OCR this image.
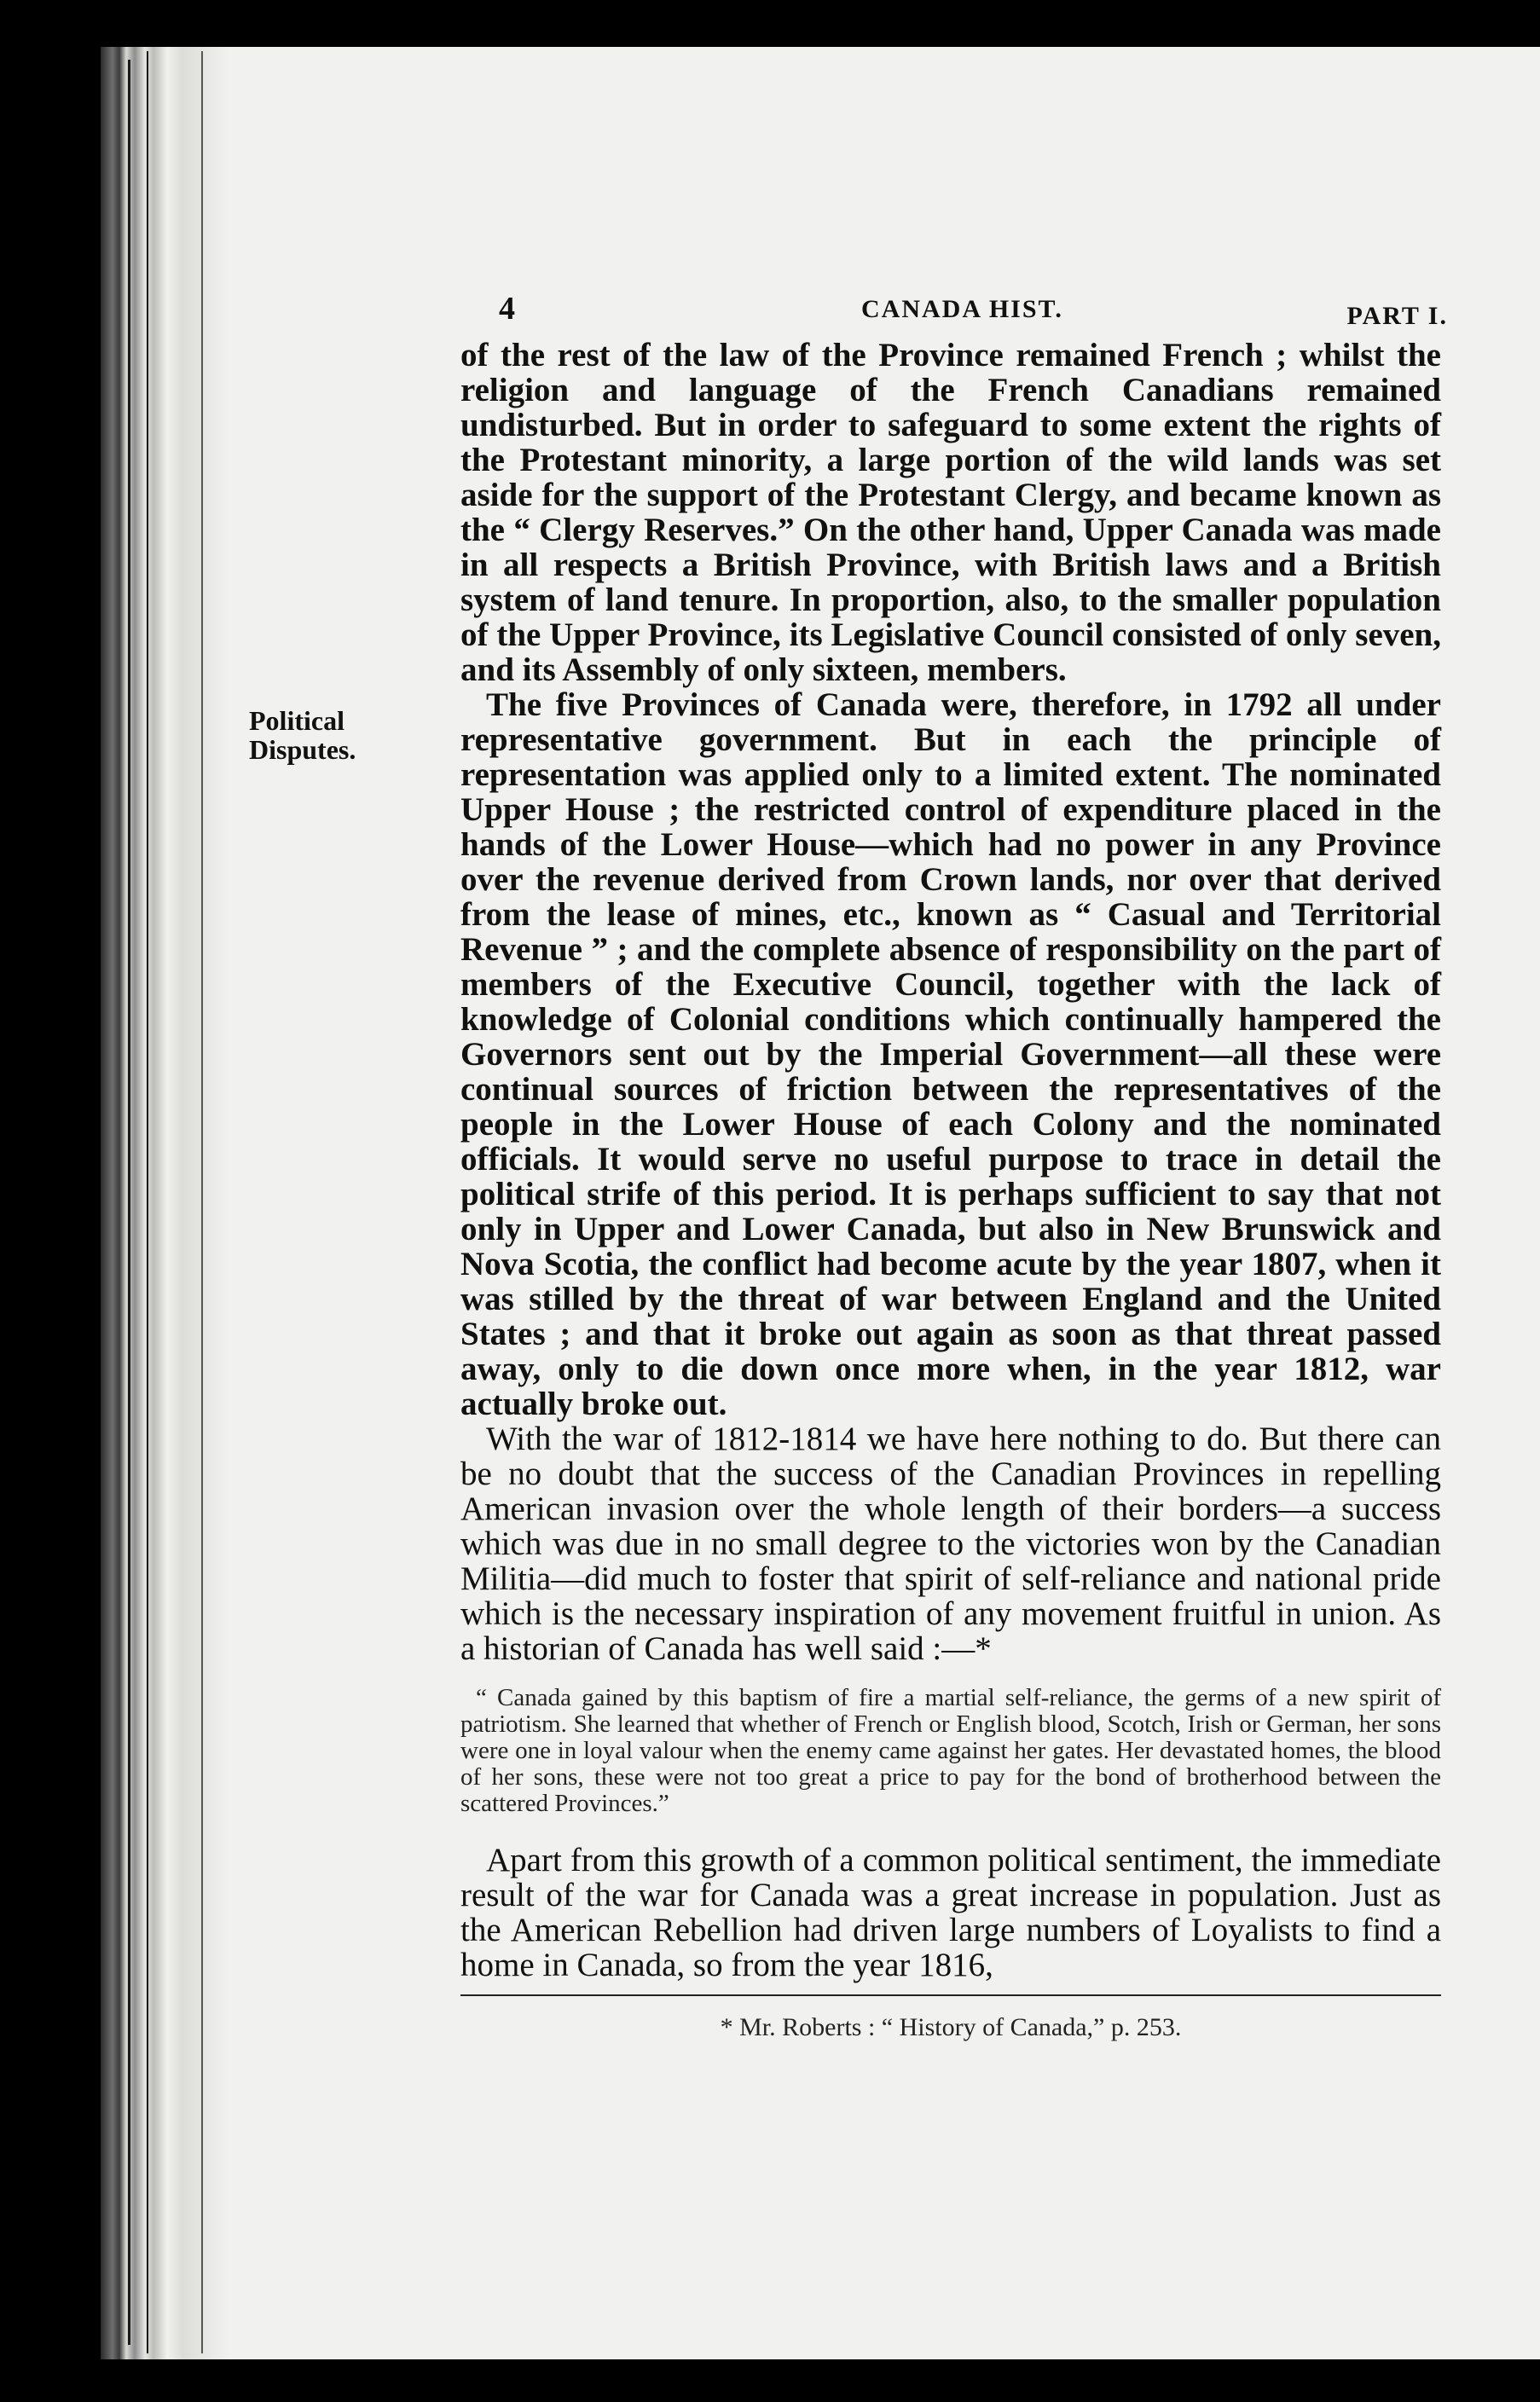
Political
Disputes.
4	CANADA HIST.	PART I.

of the rest of the law of the Province remained French ; whilst the religion and language of the French Canadians remained undisturbed. But in order to safeguard to some extent the rights of the Protestant minority, a large portion of the wild lands was set aside for the support of the Protestant Clergy, and became known as the “ Clergy Reserves.” On the other hand, Upper Canada was made in all respects a British Province, with British laws and a British system of land tenure. In proportion, also, to the smaller population of the Upper Province, its Legislative Council consisted of only seven, and its Assembly of only sixteen, members.

The five Provinces of Canada were, therefore, in 1792 all under representative government. But in each the principle of representation was applied only to a limited extent. The nominated Upper House ; the restricted control of expenditure placed in the hands of the Lower House—which had no power in any Province over the revenue derived from Crown lands, nor over that derived from the lease of mines, etc., known as “ Casual and Territorial Revenue ” ; and the complete absence of responsibility on the part of members of the Executive Council, together with the lack of knowledge of Colonial conditions which continually hampered the Governors sent out by the Imperial Government—all these were continual sources of friction between the representatives of the people in the Lower House of each Colony and the nominated officials. It would serve no useful purpose to trace in detail the political strife of this period. It is perhaps sufficient to say that not only in Upper and Lower Canada, but also in New Brunswick and Nova Scotia, the conflict had become acute by the year 1807, when it was stilled by the threat of war between England and the United States ; and that it broke out again as soon as that threat passed away, only to die down once more when, in the year 1812, war actually broke out.

With the war of 1812-1814 we have here nothing to do. But there can be no doubt that the success of the Canadian Provinces in repelling American invasion over the whole length of their borders—a success which was due in no small degree to the victories won by the Canadian Militia—did much to foster that spirit of self-reliance and national pride which is the necessary inspiration of any movement fruitful in union. As a historian of Canada has well said :—*

“ Canada gained by this baptism of fire a martial self-reliance, the germs of a new spirit of patriotism. She learned that whether of French or English blood, Scotch, Irish or German, her sons were one in loyal valour when the enemy came against her gates. Her devastated homes, the blood of her sons, these were not too great a price to pay for the bond of brotherhood between the scattered Provinces.”

Apart from this growth of a common political sentiment, the immediate result of the war for Canada was a great increase in population. Just as the American Rebellion had driven large numbers of Loyalists to find a home in Canada, so from the year 1816,

* Mr. Roberts : “ History of Canada,” p. 253.
